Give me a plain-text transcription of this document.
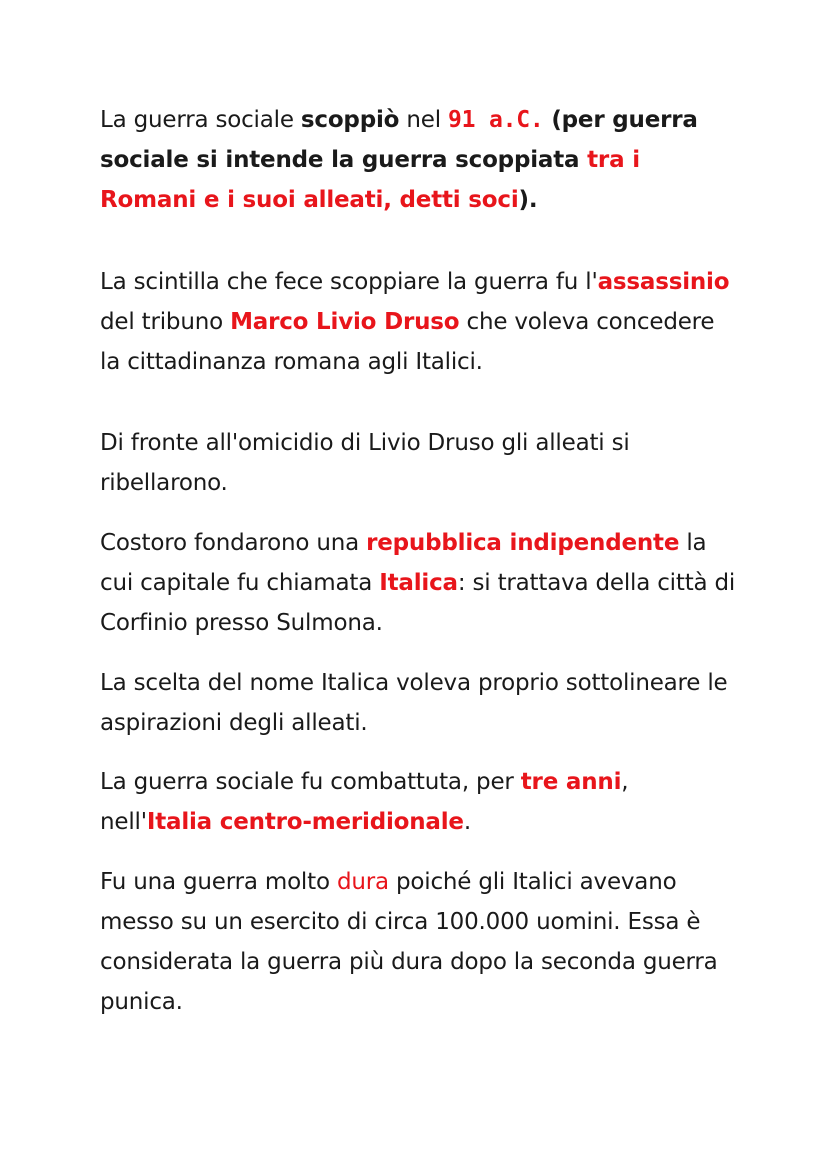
La guerra sociale scoppiò nel 91 a.C. (per guerra sociale si intende la guerra scoppiata tra i Romani e i suoi alleati, detti soci).

La scintilla che fece scoppiare la guerra fu l'assassinio del tribuno Marco Livio Druso che voleva concedere la cittadinanza romana agli Italici.

Di fronte all'omicidio di Livio Druso gli alleati si ribellarono.

Costoro fondarono una repubblica indipendente la cui capitale fu chiamata Italica: si trattava della città di Corfinio presso Sulmona.

La scelta del nome Italica voleva proprio sottolineare le aspirazioni degli alleati.

La guerra sociale fu combattuta, per tre anni, nell'Italia centro-meridionale.

Fu una guerra molto dura poiché gli Italici avevano messo su un esercito di circa 100.000 uomini. Essa è considerata la guerra più dura dopo la seconda guerra punica.
